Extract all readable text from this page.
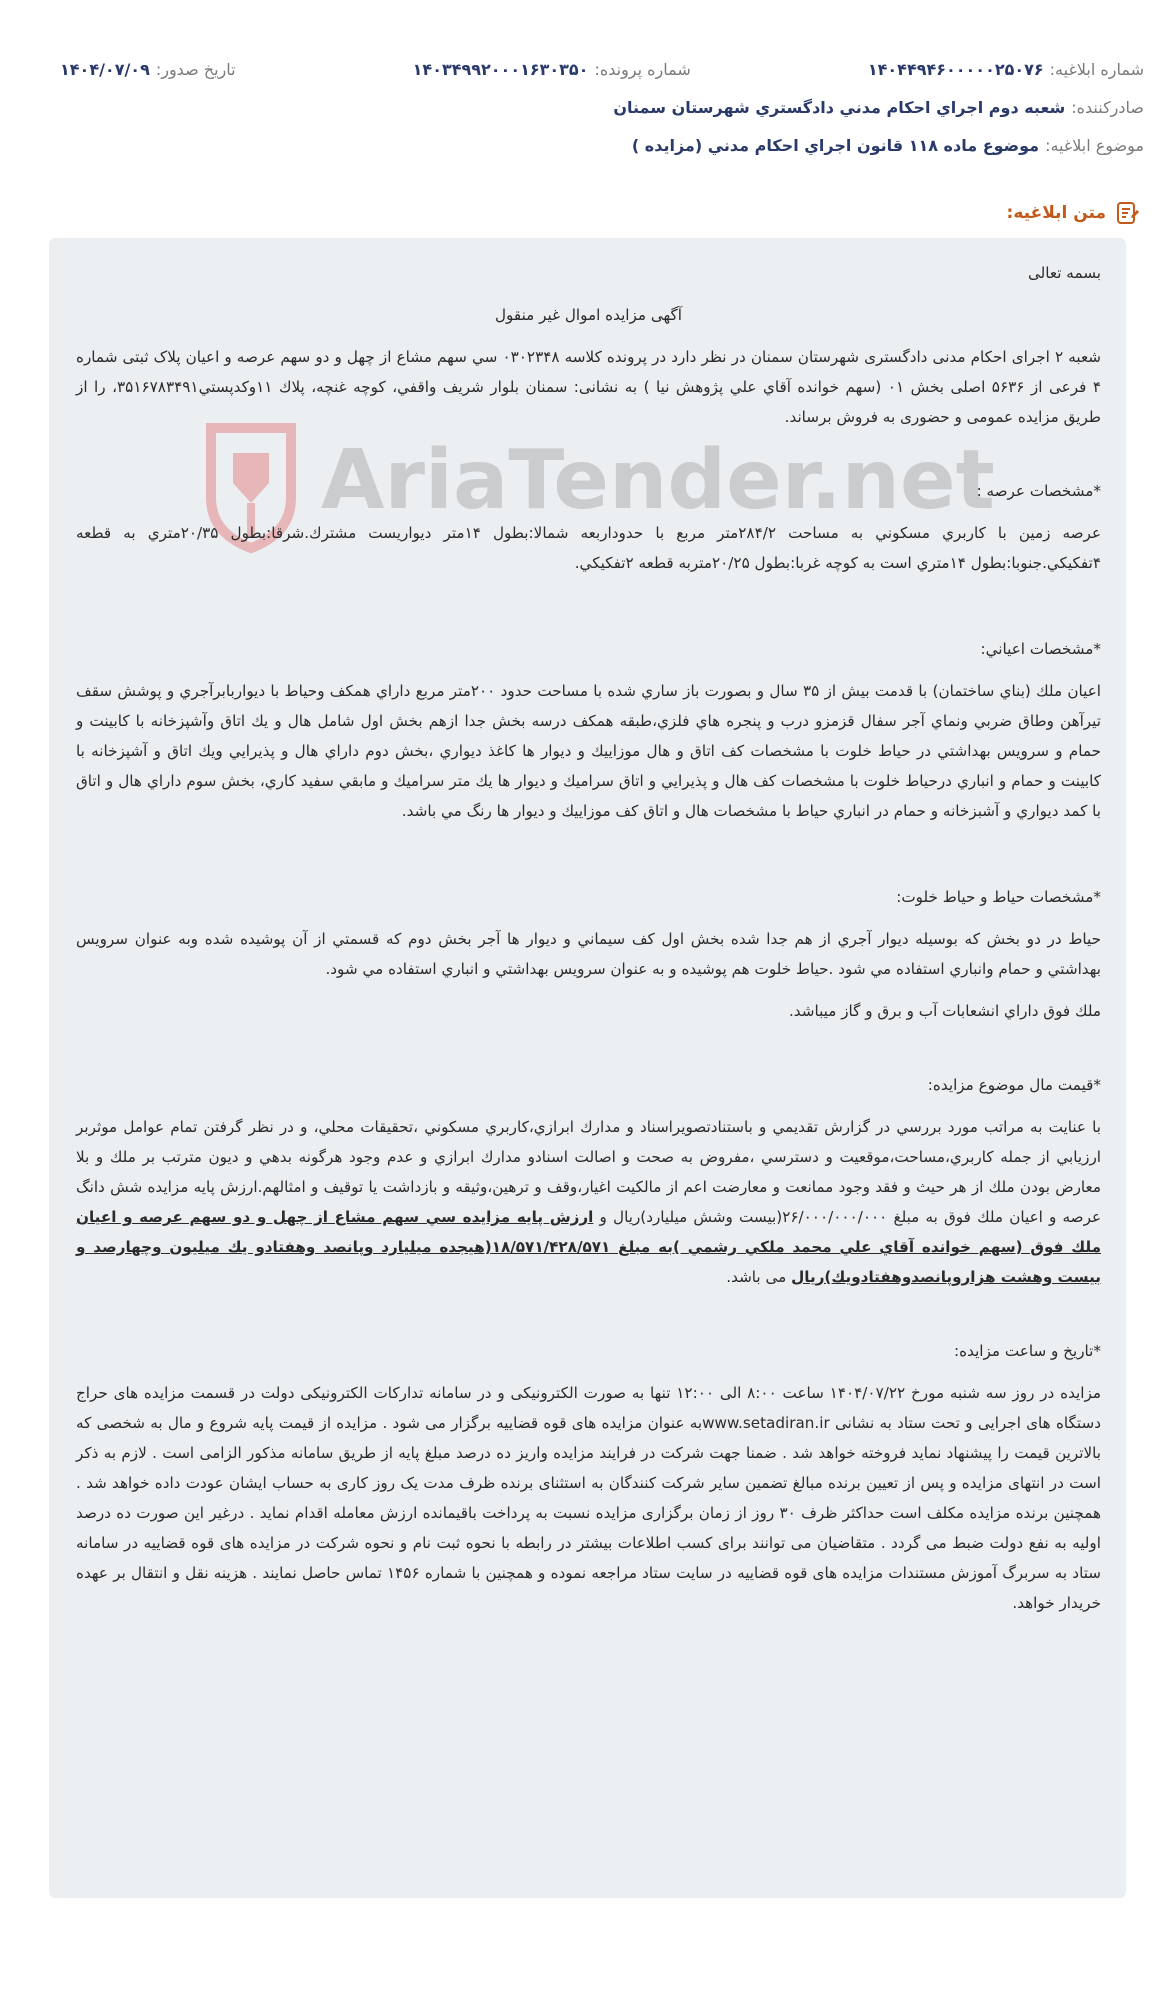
شماره ابلاغیه:
۱۴۰۴۴۹۴۶۰۰۰۰۰۲۵۰۷۶
شماره پرونده:
۱۴۰۳۴۹۹۲۰۰۰۱۶۳۰۳۵۰
تاریخ صدور:
۱۴۰۴/۰۷/۰۹
صادرکننده:
شعبه دوم اجراي احكام مدني دادگستري شهرستان سمنان
موضوع ابلاغیه:
موضوع ماده ۱۱۸ قانون اجراي احكام مدني (مزايده )
متن ابلاغیه:
AriaTender.net

بسمه تعالی

آگهی مزایده اموال غیر منقول

شعبه ۲ اجرای احکام مدنی دادگستری شهرستان سمنان در نظر دارد در پرونده کلاسه ۰۳۰۲۳۴۸ سي سهم مشاع از چهل و دو سهم عرصه و اعیان پلاک ثبتی شماره ۴ فرعی از ۵۶۳۶ اصلی بخش ۰۱ (سهم خوانده آقاي علي پژوهش نيا ) به نشانی: سمنان بلوار شريف واقفي، کوچه غنچه، پلاك ۱۱وکدپستي۳۵۱۶۷۸۳۴۹۱، را از طریق مزایده عمومی و حضوری به فروش برساند.

*مشخصات عرصه :

عرصه زمين با كاربري مسكوني به مساحت ۲۸۴/۲متر مربع با حدوداربعه شمالا:بطول ۱۴متر ديواريست مشترك.شرقا:بطول ۲۰/۳۵متري به قطعه ۴تفكيكي.جنوبا:بطول ۱۴متري است به كوچه غربا:بطول ۲۰/۲۵متربه قطعه ۲تفكيكي.

*مشخصات اعياني:

اعيان ملك (بناي ساختمان) با قدمت بيش از ۳۵ سال و بصورت باز ساري شده با مساحت حدود ۲۰۰متر مربع داراي همكف وحياط با ديواربابرآجري و پوشش سقف تيرآهن وطاق ضربي ونماي آجر سفال قزمزو درب و پنجره هاي فلزي،طبقه همكف درسه بخش جدا ازهم بخش اول شامل هال و يك اتاق وآشپزخانه با كابينت و حمام و سرويس بهداشتي در حياط خلوت با مشخصات كف اتاق و هال موزاييك و ديوار ها كاغذ ديواري ،بخش دوم داراي هال و پذيرايي ويك اتاق و آشپزخانه با كابينت و حمام و انباري درحياط خلوت با مشخصات كف هال و پذيرايي و اتاق سراميك و ديوار ها يك متر سراميك و مابقي سفيد كاري، بخش سوم داراي هال و اتاق با كمد ديواري و آشبزخانه و حمام در انباري حياط با مشخصات هال و اتاق كف موزاييك و ديوار ها رنگ مي باشد.

*مشخصات حياط و حياط خلوت:

حياط در دو بخش كه بوسيله ديوار آجري از هم جدا شده بخش اول كف سيماني و ديوار ها آجر بخش دوم كه قسمتي از آن پوشيده شده وبه عنوان سرويس بهداشتي و حمام وانباري استفاده مي شود .حياط خلوت هم پوشيده و به عنوان سرويس بهداشتي و انباري استفاده مي شود.

ملك فوق داراي انشعابات آب و برق و گاز ميباشد.

*قیمت مال موضوع مزایده:

با عنايت به مراتب مورد بررسي در گزارش تقديمي و باستنادتصويراسناد و مدارك ابرازي،كاربري مسكوني ،تحقيقات محلي، و در نظر گرفتن تمام عوامل موثربر ارزيابي از جمله كاربري،مساحت،موقعيت و دسترسي ،مفروض به صحت و اصالت اسنادو مدارك ابرازي و عدم وجود هرگونه بدهي و ديون مترتب بر ملك و بلا معارض بودن ملك از هر حيث و فقد وجود ممانعت و معارضت اعم از مالكيت اغيار،وقف و ترهين،وثيقه و بازداشت يا توقيف و امثالهم.ارزش پايه مزايده شش دانگ عرصه و اعيان ملك فوق به مبلغ ۲۶/۰۰۰/۰۰۰/۰۰۰(بيست وشش ميليارد)ريال و ارزش پايه مزايده سي سهم مشاع از چهل و دو سهم عرصه و اعيان ملك فوق (سهم خوانده آقاي علي محمد ملكي رشمي )به مبلغ ۱۸/۵۷۱/۴۲۸/۵۷۱(هيجده ميليارد وپانصد وهفتادو يك ميليون وچهارصد و بيست وهشت هزاروپانصدوهفتادويك)ريال می باشد.

*تاریخ و ساعت مزایده:

مزایده در روز سه شنبه مورخ ۱۴۰۴/۰۷/۲۲ ساعت ۸:۰۰ الی ۱۲:۰۰ تنها به صورت الکترونیکی و در سامانه تدارکات الکترونیکی دولت در قسمت مزایده های حراج دستگاه های اجرایی و تحت ستاد به نشانی www.setadiran.irبه عنوان مزایده های قوه قضاییه برگزار می شود . مزایده از قیمت پایه شروع و مال به شخصی که بالاترین قیمت را پیشنهاد نماید فروخته خواهد شد . ضمنا جهت شرکت در فرایند مزایده واریز ده درصد مبلغ پایه از طریق سامانه مذکور الزامی است . لازم به ذکر است در انتهای مزایده و پس از تعیین برنده مبالغ تضمین سایر شرکت کنندگان به استثنای برنده ظرف مدت یک روز کاری به حساب ایشان عودت داده خواهد شد . همچنین برنده مزایده مکلف است حداکثر ظرف ۳۰ روز از زمان برگزاری مزایده نسبت به پرداخت باقیمانده ارزش معامله اقدام نماید . درغیر این صورت ده درصد اولیه به نفع دولت ضبط می گردد . متقاضیان می توانند برای کسب اطلاعات بیشتر در رابطه با نحوه ثبت نام و نحوه شرکت در مزایده های قوه قضاییه در سامانه ستاد به سربرگ آموزش مستندات مزایده های قوه قضاییه در سایت ستاد مراجعه نموده و همچنین با شماره ۱۴۵۶ تماس حاصل نمایند . هزینه نقل و انتقال بر عهده خریدار خواهد.
